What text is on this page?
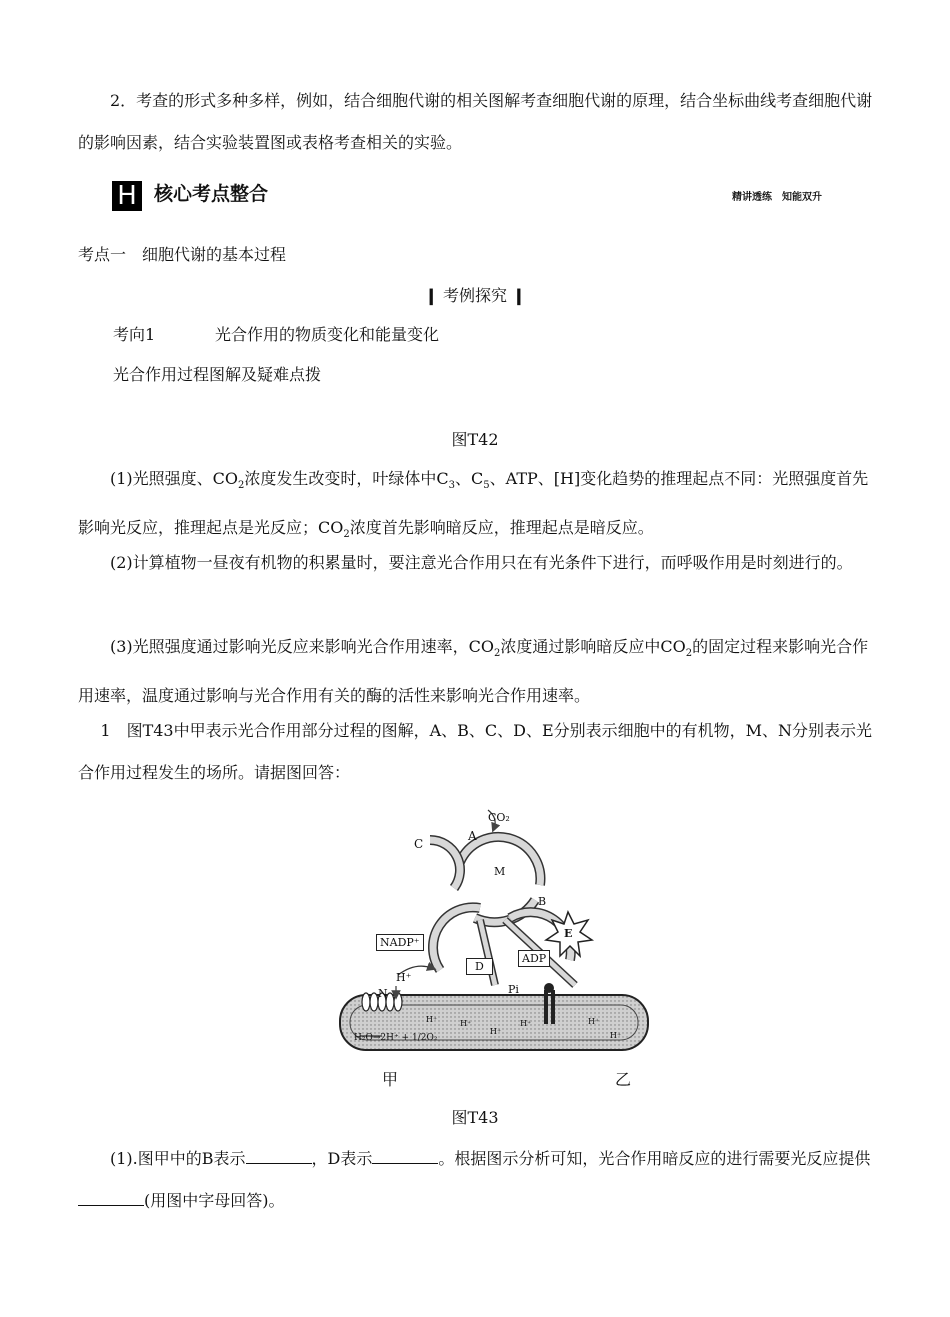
2．考查的形式多种多样，例如，结合细胞代谢的相关图解考查细胞代谢的原理，结合坐标曲线考查细胞代谢的影响因素，结合实验装置图或表格考查相关的实验。
H 核心考点整合	精讲透练　知能双升
考点一　细胞代谢的基本过程
❙ 考例探究 ❙
考向1	光合作用的物质变化和能量变化
光合作用过程图解及疑难点拨
图T42
(1)光照强度、$CO_2$浓度发生改变时，叶绿体中$C_3$、$C_5$、ATP、[H]变化趋势的推理起点不同：光照强度首先影响光反应，推理起点是光反应；$CO_2$浓度首先影响暗反应，推理起点是暗反应。
(2)计算植物一昼夜有机物的积累量时，要注意光合作用只在有光条件下进行，而呼吸作用是时刻进行的。
(3)光照强度通过影响光反应来影响光合作用速率，$CO_2$浓度通过影响暗反应中$CO_2$的固定过程来影响光合作用速率，温度通过影响与光合作用有关的酶的活性来影响光合作用速率。
1　图T43中甲表示光合作用部分过程的图解，A、B、C、D、E分别表示细胞中的有机物，M、N分别表示光合作用过程发生的场所。请据图回答：
CO₂
A
C
M
B
E
NADP⁺
D
ADP
H⁺
N	Pi
H₂O→2H⁺ + 1/2O₂
H⁺	H⁺
H⁺
H⁺	H⁺
H⁺
甲	乙
图T43
(1).图甲中的B表示	，D表示	。根据图示分析可知，光合作用暗反应的进行需要光反应提供(用图中字母回答)。
